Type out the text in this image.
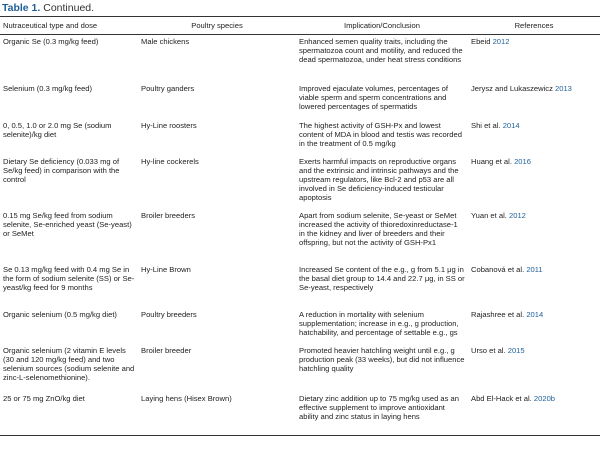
Table 1. Continued.
Nutraceutical type and dose	Poultry species	Implication/Conclusion	References
Organic Se (0.3 mg/kg feed)	Male chickens	Enhanced semen quality traits, including the spermatozoa count and motility, and reduced the dead spermatozoa, under heat stress conditions	Ebeid 2012
Selenium (0.3 mg/kg feed)	Poultry ganders	Improved ejaculate volumes, percentages of viable sperm and sperm concentrations and lowered percentages of spermatids	Jerysz and Lukaszewicz 2013
0, 0.5, 1.0 or 2.0 mg Se (sodium selenite)/kg diet	Hy-Line roosters	The highest activity of GSH-Px and lowest content of MDA in blood and testis was recorded in the treatment of 0.5 mg/kg	Shi et al. 2014
Dietary Se deficiency (0.033 mg of Se/kg feed) in comparison with the control	Hy-line cockerels	Exerts harmful impacts on reproductive organs and the extrinsic and intrinsic pathways and the upstream regulators, like Bcl-2 and p53 are all involved in Se deficiency-induced testicular apoptosis	Huang et al. 2016
0.15 mg Se/kg feed from sodium selenite, Se-enriched yeast (Se-yeast) or SeMet	Broiler breeders	Apart from sodium selenite, Se-yeast or SeMet increased the activity of thioredoxinreductase-1 in the kidney and liver of breeders and their offspring, but not the activity of GSH-Px1	Yuan et al. 2012
Se 0.13 mg/kg feed with 0.4 mg Se in the form of sodium selenite (SS) or Se-yeast/kg feed for 9 months	Hy-Line Brown	Increased Se content of the e.g., g from 5.1 μg in the basal diet group to 14.4 and 22.7 μg, in SS or Se-yeast, respectively	Cobanová et al. 2011
Organic selenium (0.5 mg/kg diet)	Poultry breeders	A reduction in mortality with selenium supplementation; increase in e.g., g production, hatchability, and percentage of settable e.g., gs	Rajashree et al. 2014
Organic selenium (2 vitamin E levels (30 and 120 mg/kg feed) and two selenium sources (sodium selenite and zinc-L-selenomethionine).	Broiler breeder	Promoted heavier hatchling weight until e.g., g production peak (33 weeks), but did not influence hatchling quality	Urso et al. 2015
25 or 75 mg ZnO/kg diet	Laying hens (Hisex Brown)	Dietary zinc addition up to 75 mg/kg used as an effective supplement to improve antioxidant ability and zinc status in laying hens	Abd El-Hack et al. 2020b
